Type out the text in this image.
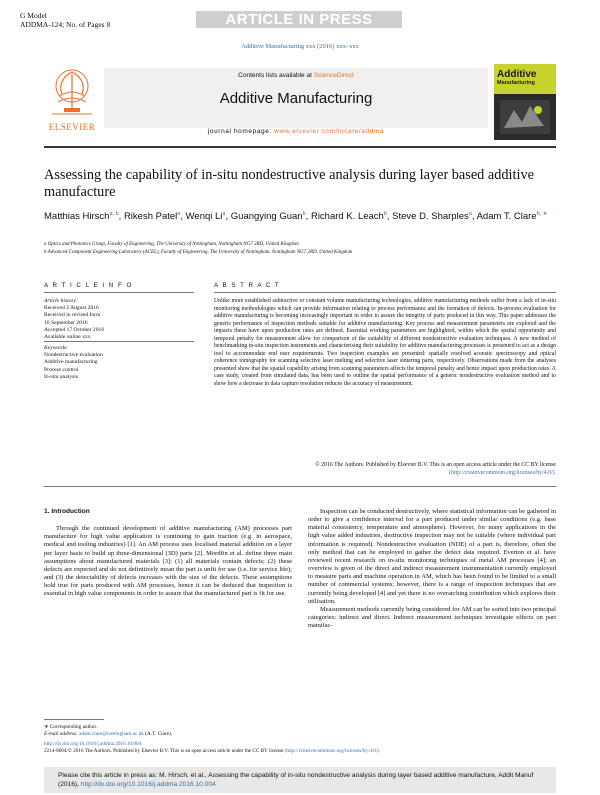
G Model
ADDMA-124; No. of Pages 8	ARTICLE IN PRESS
Additive Manufacturing xxx (2016) xxx–xxx
ELSEVIER
Contents lists available at ScienceDirect
Additive Manufacturing
journal homepage: www.elsevier.com/locate/addma
Additive
Manufacturing
Assessing the capability of in-situ nondestructive analysis during layer based additive manufacture
Matthias Hirsch$^{a, b}$, Rikesh Patel$^a$, Wenqi Li$^a$, Guangying Guan$^b$, Richard K. Leach$^b$, Steve D. Sharples$^a$, Adam T. Clare$^{b, ∗}$
a Optics and Photonics Group, Faculty of Engineering, The University of Nottingham, Nottingham NG7 2RD, United Kingdom
b Advanced Component Engineering Laboratory (ACEL), Faculty of Engineering, The University of Nottingham, Nottingham NG7 2RD, United Kingdom
A R T I C L E I N F O	A B S T R A C T
Article history:
Received 2 August 2016
Received in revised form
16 September 2016
Accepted 17 October 2016
Available online xxx
Keywords:
Nondestructive evaluation
Additive manufacturing
Process control
In-situ analysis
Unlike more established subtractive or constant volume manufacturing technologies, additive manufacturing methods suffer from a lack of in-situ monitoring methodologies which can provide information relating to process performance and the formation of defects. In-process evaluation for additive manufacturing is becoming increasingly important in order to assure the integrity of parts produced in this way. This paper addresses the generic performance of inspection methods suitable for additive manufacturing. Key process and measurement parameters are explored and the impacts these have upon production rates are defined. Essential working parameters are highlighted, within which the spatial opportunity and temporal penalty for measurement allow for comparison of the suitability of different nondestructive evaluation techniques. A new method of benchmarking in-situ inspection instruments and characterising their suitability for additive manufacturing processes is presented to act as a design tool to accommodate end user requirements. Two inspection examples are presented: spatially resolved acoustic spectroscopy and optical coherence tomography for scanning selective laser melting and selective laser sintering parts, respectively. Observations made from the analyses presented show that the spatial capability arising from scanning parameters affects the temporal penalty and hence impact upon production rates. A case study, created from simulated data, has been used to outline the spatial performance of a generic nondestructive evaluation method and to show how a decrease in data capture resolution reduces the accuracy of measurement.
© 2016 The Authors. Published by Elsevier B.V. This is an open access article under the CC BY license
(http://creativecommons.org/licenses/by/4.0/).
1. Introduction

Through the continued development of additive manufacturing (AM) processes part manufacture for high value application is continuing to gain traction (e.g. in aerospace, medical and tooling industries) [1]. An AM process uses localised material addition on a layer per layer basis to build up three-dimensional (3D) parts [2]. Mordfin et al. define three main assumptions about manufactured materials [3]: (1) all materials contain defects; (2) these defects are expected and do not definitively mean the part is unfit for use (i.e. for service life); and (3) the detectability of defects increases with the size of the defects. These assumptions hold true for parts produced with AM processes, hence it can be deduced that inspection is essential in high value components in order to assure that the manufactured part is fit for use.

Inspection can be conducted destructively, where statistical information can be gathered in order to give a confidence interval for a part produced under similar conditions (e.g. base material consistency, temperature and atmosphere). However, for many applications in the high value added industries, destructive inspection may not be suitable (where individual part information is required). Nondestructive evaluation (NDE) of a part is, therefore, often the only method that can be employed to gather the defect data required. Everton et al. have reviewed recent research on in-situ monitoring techniques of metal AM processes [4]; an overview is given of the direct and indirect measurement instrumentation currently employed to measure parts and machine operation in AM, which has been found to be limited to a small number of commercial systems; however, there is a range of inspection techniques that are currently being developed [4] and yet there is no overarching contribution which explores their utilisation.

Measurement methods currently being considered for AM can be sorted into two principal categories: indirect and direct. Indirect measurement techniques investigate effects on part manufac-

∗ Corresponding author.
E-mail address: adam.clare@nottingham.ac.uk (A.T. Clare).
http://dx.doi.org/10.1016/j.addma.2016.10.004
2214-8604/© 2016 The Authors. Published by Elsevier B.V. This is an open access article under the CC BY license (http://creativecommons.org/licenses/by/4.0/).
Please cite this article in press as: M. Hirsch, et al., Assessing the capability of in-situ nondestructive analysis during layer based additive manufacture, Addit Manuf (2016), http://dx.doi.org/10.1016/j.addma.2016.10.004
